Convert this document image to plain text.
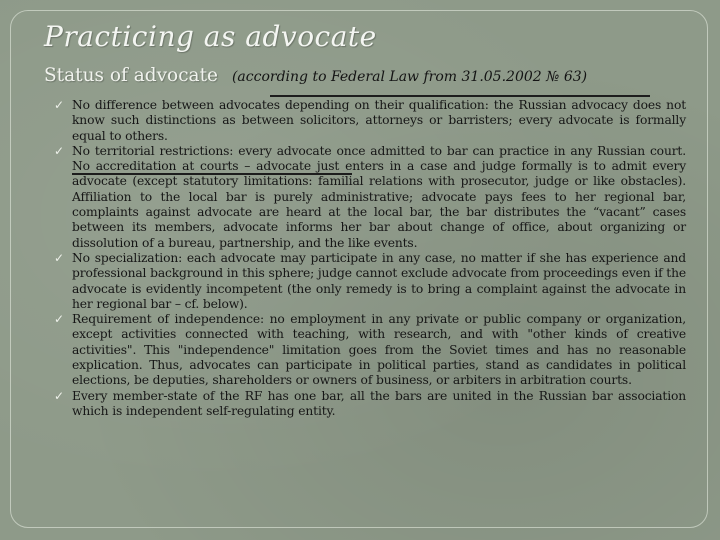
Practicing as advocate
Status of advocate (according to Federal Law from 31.05.2002 № 63)
✓ No difference between advocates depending on their qualification: the Russian advocacy does not know such distinctions as between solicitors, attorneys or barristers; every advocate is formally equal to others.
✓ No territorial restrictions: every advocate once admitted to bar can practice in any Russian court. No accreditation at courts – advocate just enters in a case and judge formally is to admit every advocate (except statutory limitations: familial relations with prosecutor, judge or like obstacles). Affiliation to the local bar is purely administrative; advocate pays fees to her regional bar, complaints against advocate are heard at the local bar, the bar distributes the “vacant” cases between its members, advocate informs her bar about change of office, about organizing or dissolution of a bureau, partnership, and the like events.
✓ No specialization: each advocate may participate in any case, no matter if she has experience and professional background in this sphere; judge cannot exclude advocate from proceedings even if the advocate is evidently incompetent (the only remedy is to bring a complaint against the advocate in her regional bar – cf. below).
✓ Requirement of independence: no employment in any private or public company or organization, except activities connected with teaching, with research, and with "other kinds of creative activities". This "independence" limitation goes from the Soviet times and has no reasonable explication. Thus, advocates can participate in political parties, stand as candidates in political elections, be deputies, shareholders or owners of business, or arbiters in arbitration courts.
✓ Every member-state of the RF has one bar, all the bars are united in the Russian bar association which is independent self-regulating entity.
